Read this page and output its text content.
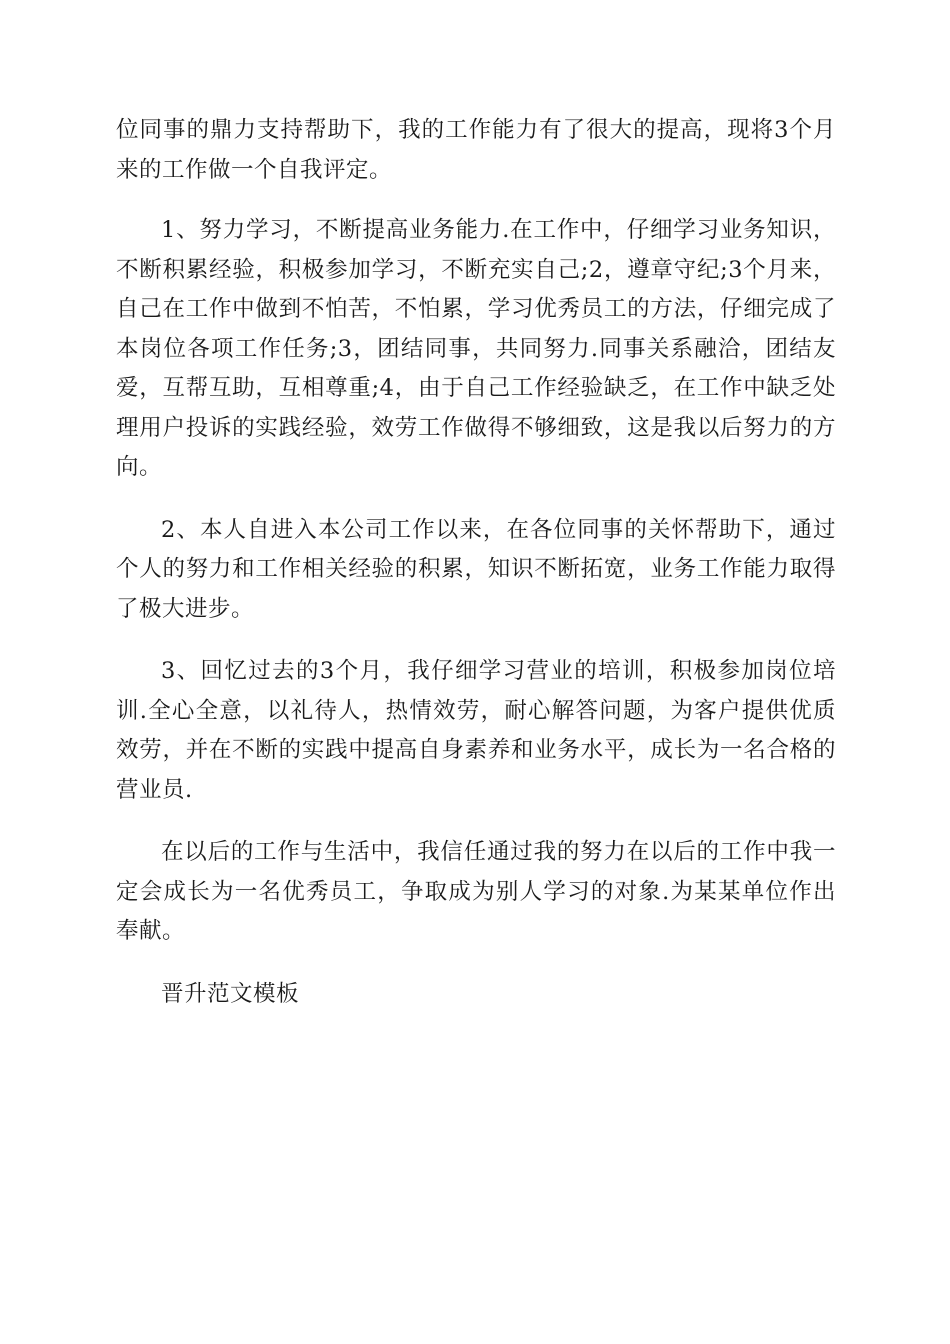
位同事的鼎力支持帮助下，我的工作能力有了很大的提高，现将3个月来的工作做一个自我评定。

1、努力学习，不断提高业务能力.在工作中，仔细学习业务知识，不断积累经验，积极参加学习，不断充实自己;2，遵章守纪;3个月来，自己在工作中做到不怕苦，不怕累，学习优秀员工的方法，仔细完成了本岗位各项工作任务;3，团结同事，共同努力.同事关系融洽，团结友爱，互帮互助，互相尊重;4，由于自己工作经验缺乏，在工作中缺乏处理用户投诉的实践经验，效劳工作做得不够细致，这是我以后努力的方向。

2、本人自进入本公司工作以来，在各位同事的关怀帮助下，通过个人的努力和工作相关经验的积累，知识不断拓宽，业务工作能力取得了极大进步。

3、回忆过去的3个月，我仔细学习营业的培训，积极参加岗位培训.全心全意，以礼待人，热情效劳，耐心解答问题，为客户提供优质效劳，并在不断的实践中提高自身素养和业务水平，成长为一名合格的营业员.

在以后的工作与生活中，我信任通过我的努力在以后的工作中我一定会成长为一名优秀员工，争取成为别人学习的对象.为某某单位作出奉献。

晋升范文模板
